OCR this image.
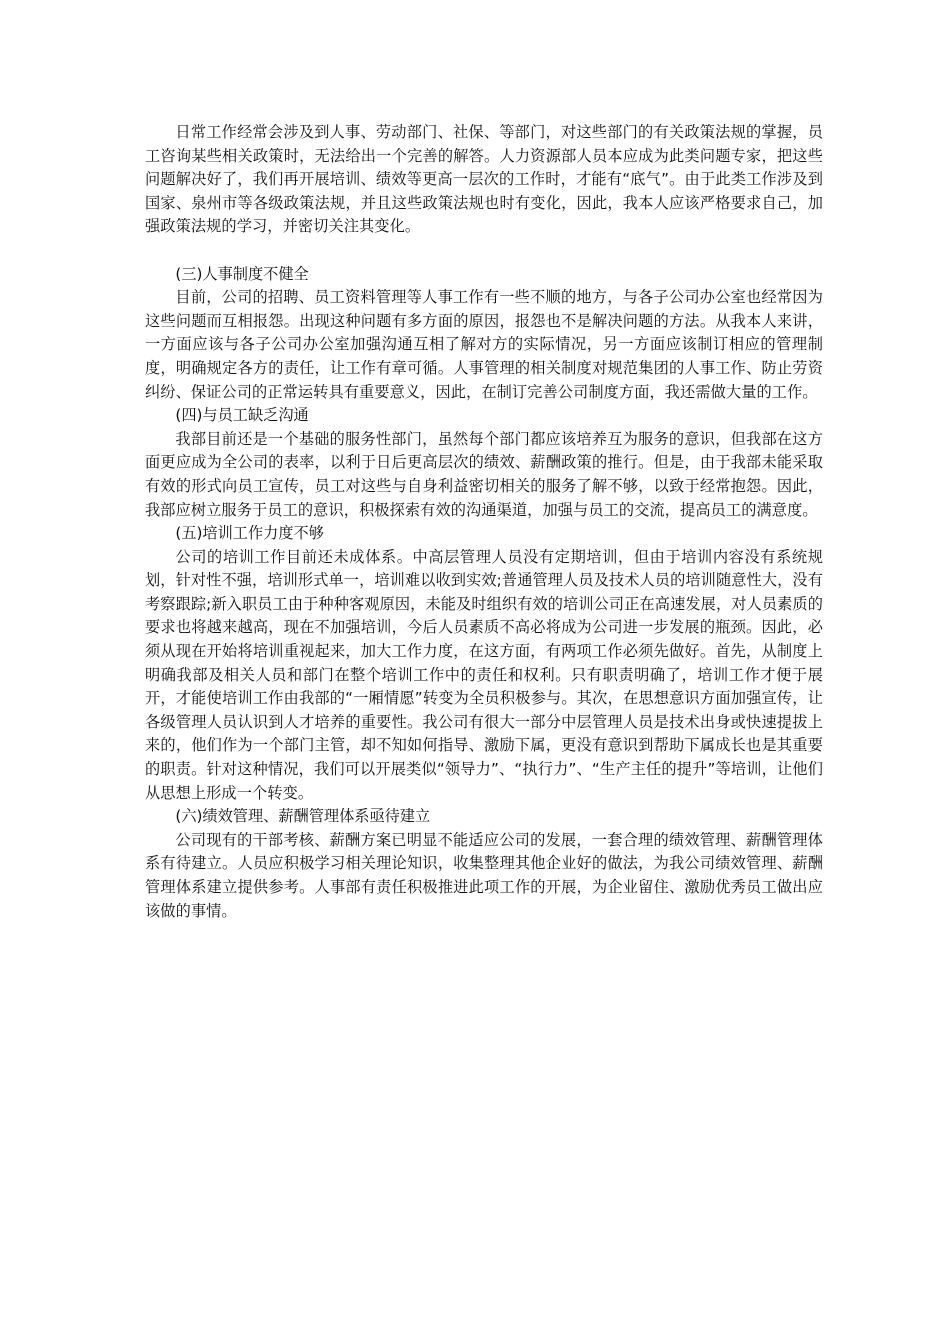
日常工作经常会涉及到人事、劳动部门、社保、等部门，对这些部门的有关政策法规的掌握，员工咨询某些相关政策时，无法给出一个完善的解答。人力资源部人员本应成为此类问题专家，把这些问题解决好了，我们再开展培训、绩效等更高一层次的工作时，才能有“底气”。由于此类工作涉及到国家、泉州市等各级政策法规，并且这些政策法规也时有变化，因此，我本人应该严格要求自己，加强政策法规的学习，并密切关注其变化。

(三)人事制度不健全

目前，公司的招聘、员工资料管理等人事工作有一些不顺的地方，与各子公司办公室也经常因为这些问题而互相报怨。出现这种问题有多方面的原因，报怨也不是解决问题的方法。从我本人来讲，一方面应该与各子公司办公室加强沟通互相了解对方的实际情况，另一方面应该制订相应的管理制度，明确规定各方的责任，让工作有章可循。人事管理的相关制度对规范集团的人事工作、防止劳资纠纷、保证公司的正常运转具有重要意义，因此，在制订完善公司制度方面，我还需做大量的工作。

(四)与员工缺乏沟通

我部目前还是一个基础的服务性部门，虽然每个部门都应该培养互为服务的意识，但我部在这方面更应成为全公司的表率，以利于日后更高层次的绩效、薪酬政策的推行。但是，由于我部未能采取有效的形式向员工宣传，员工对这些与自身利益密切相关的服务了解不够，以致于经常抱怨。因此，我部应树立服务于员工的意识，积极探索有效的沟通渠道，加强与员工的交流，提高员工的满意度。

(五)培训工作力度不够

公司的培训工作目前还未成体系。中高层管理人员没有定期培训，但由于培训内容没有系统规划，针对性不强，培训形式单一，培训难以收到实效;普通管理人员及技术人员的培训随意性大，没有考察跟踪;新入职员工由于种种客观原因，未能及时组织有效的培训公司正在高速发展，对人员素质的要求也将越来越高，现在不加强培训，今后人员素质不高必将成为公司进一步发展的瓶颈。因此，必须从现在开始将培训重视起来，加大工作力度，在这方面，有两项工作必须先做好。首先，从制度上明确我部及相关人员和部门在整个培训工作中的责任和权利。只有职责明确了，培训工作才便于展开，才能使培训工作由我部的“一厢情愿”转变为全员积极参与。其次，在思想意识方面加强宣传，让各级管理人员认识到人才培养的重要性。我公司有很大一部分中层管理人员是技术出身或快速提拔上来的，他们作为一个部门主管，却不知如何指导、激励下属，更没有意识到帮助下属成长也是其重要的职责。针对这种情况，我们可以开展类似“领导力”、“执行力”、“生产主任的提升”等培训，让他们从思想上形成一个转变。

(六)绩效管理、薪酬管理体系亟待建立

公司现有的干部考核、薪酬方案已明显不能适应公司的发展，一套合理的绩效管理、薪酬管理体系有待建立。人员应积极学习相关理论知识，收集整理其他企业好的做法，为我公司绩效管理、薪酬管理体系建立提供参考。人事部有责任积极推进此项工作的开展，为企业留住、激励优秀员工做出应该做的事情。
